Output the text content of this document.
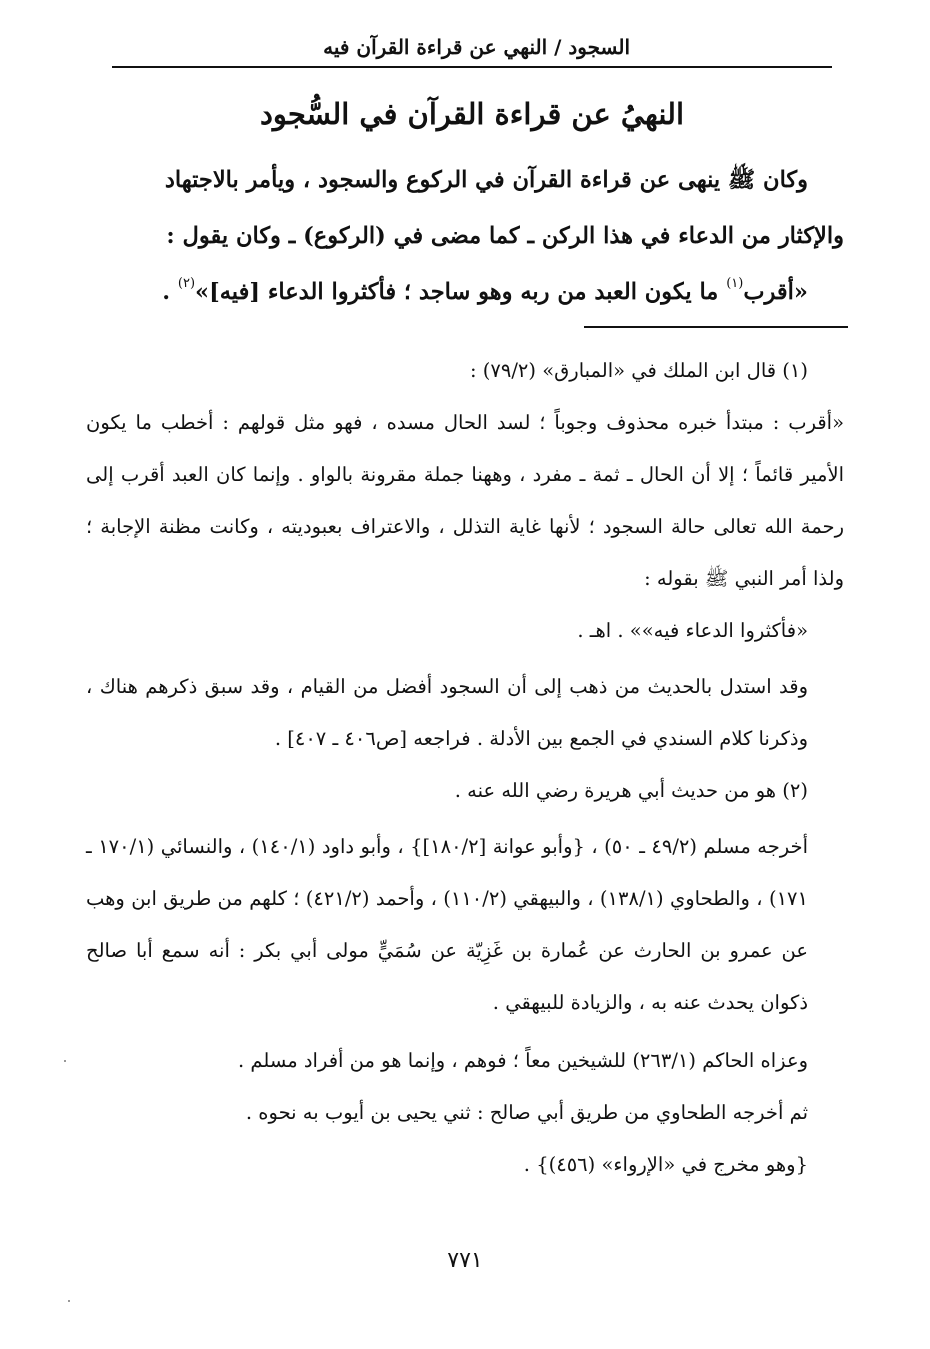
السجود / النهي عن قراءة القرآن فيه
النهيُ عن قراءة القرآن في السُّجود

وكان ﷺ ينهى عن قراءة القرآن في الركوع والسجود ، ويأمر بالاجتهاد

والإكثار من الدعاء في هذا الركن ـ كما مضى في (الركوع) ـ وكان يقول :

«أقرب$^{(١)}$ ما يكون العبد من ربه وهو ساجد ؛ فأكثروا الدعاء [فيه]»$^{(٢)}$ .

(١) قال ابن الملك في «المبارق» (٧٩/٢) :

«أقرب : مبتدأ خبره محذوف وجوباً ؛ لسد الحال مسده ، فهو مثل قولهم : أخطب ما يكون الأمير قائماً ؛ إلا أن الحال ـ ثمة ـ مفرد ، وههنا جملة مقرونة بالواو . وإنما كان العبد أقرب إلى رحمة الله تعالى حالة السجود ؛ لأنها غاية التذلل ، والاعتراف بعبوديته ، وكانت مظنة الإجابة ؛ ولذا أمر النبي ﷺ بقوله :

«فأكثروا الدعاء فيه»» . اهـ .

وقد استدل بالحديث من ذهب إلى أن السجود أفضل من القيام ، وقد سبق ذكرهم هناك ، وذكرنا كلام السندي في الجمع بين الأدلة . فراجعه [ص٤٠٦ ـ ٤٠٧] .

(٢) هو من حديث أبي هريرة رضي الله عنه .

أخرجه مسلم (٤٩/٢ ـ ٥٠) ، {وأبو عوانة [١٨٠/٢]} ، وأبو داود (١٤٠/١) ، والنسائي (١٧٠/١ ـ ١٧١) ، والطحاوي (١٣٨/١) ، والبيهقي (١١٠/٢) ، وأحمد (٤٢١/٢) ؛ كلهم من طريق ابن وهب عن عمرو بن الحارث عن عُمارة بن غَزِيّة عن سُمَيٍّ مولى أبي بكر : أنه سمع أبا صالح ذكوان يحدث عنه به ، والزيادة للبيهقي .

وعزاه الحاكم (٢٦٣/١) للشيخين معاً ؛ فوهم ، وإنما هو من أفراد مسلم .

ثم أخرجه الطحاوي من طريق أبي صالح : ثني يحيى بن أيوب به نحوه .

{وهو مخرج في «الإرواء» (٤٥٦)} .

٧٧١
